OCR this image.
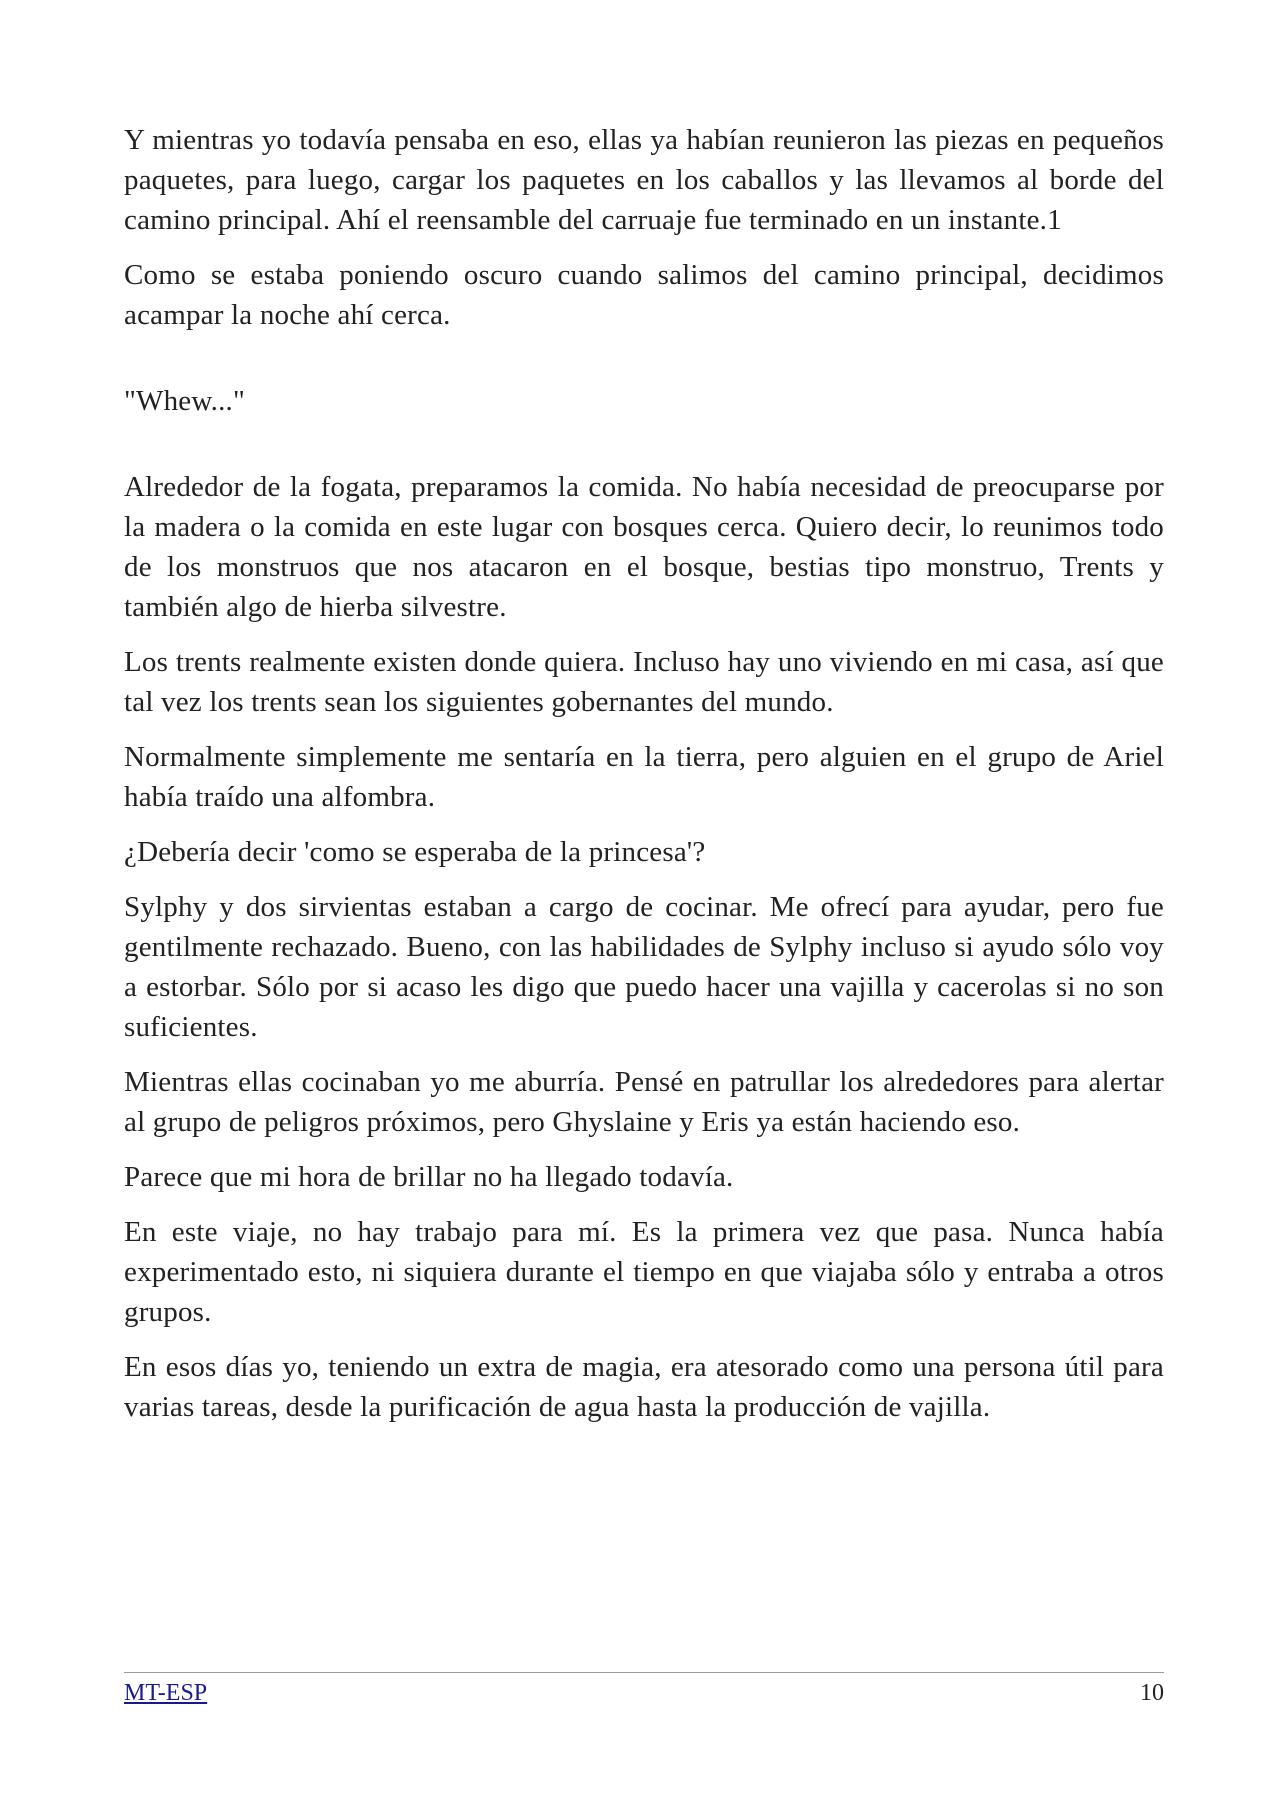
Y mientras yo todavía pensaba en eso, ellas ya habían reunieron las piezas en pequeños paquetes, para luego, cargar los paquetes en los caballos y las llevamos al borde del camino principal. Ahí el reensamble del carruaje fue terminado en un instante.1

Como se estaba poniendo oscuro cuando salimos del camino principal, decidimos acampar la noche ahí cerca.

"Whew..."

Alrededor de la fogata, preparamos la comida. No había necesidad de preocuparse por la madera o la comida en este lugar con bosques cerca. Quiero decir, lo reunimos todo de los monstruos que nos atacaron en el bosque, bestias tipo monstruo, Trents y también algo de hierba silvestre.

Los trents realmente existen donde quiera. Incluso hay uno viviendo en mi casa, así que tal vez los trents sean los siguientes gobernantes del mundo.

Normalmente simplemente me sentaría en la tierra, pero alguien en el grupo de Ariel había traído una alfombra.

¿Debería decir 'como se esperaba de la princesa'?

Sylphy y dos sirvientas estaban a cargo de cocinar. Me ofrecí para ayudar, pero fue gentilmente rechazado. Bueno, con las habilidades de Sylphy incluso si ayudo sólo voy a estorbar. Sólo por si acaso les digo que puedo hacer una vajilla y cacerolas si no son suficientes.

Mientras ellas cocinaban yo me aburría. Pensé en patrullar los alrededores para alertar al grupo de peligros próximos, pero Ghyslaine y Eris ya están haciendo eso.

Parece que mi hora de brillar no ha llegado todavía.

En este viaje, no hay trabajo para mí. Es la primera vez que pasa. Nunca había experimentado esto, ni siquiera durante el tiempo en que viajaba sólo y entraba a otros grupos.

En esos días yo, teniendo un extra de magia, era atesorado como una persona útil para varias tareas, desde la purificación de agua hasta la producción de vajilla.

MT-ESP	10
